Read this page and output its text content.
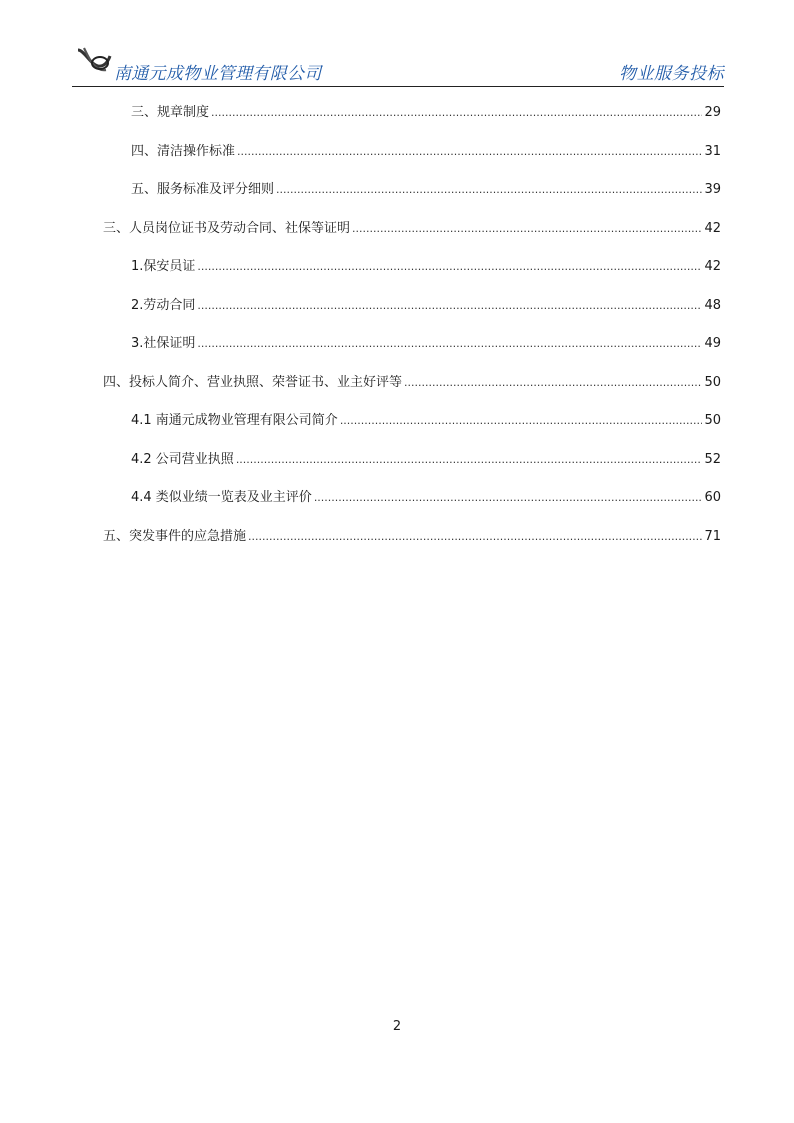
南通元成物业管理有限公司	物业服务投标
三、规章制度 .....	29
四、清洁操作标准 .....	31
五、服务标准及评分细则 .....	39
三、人员岗位证书及劳动合同、社保等证明 .....	42
1.保安员证 .....	42
2.劳动合同 .....	48
3.社保证明 .....	49
四、投标人简介、营业执照、荣誉证书、业主好评等 .....	50
4.1 南通元成物业管理有限公司简介 .....	50
4.2 公司营业执照 .....	52
4.4 类似业绩一览表及业主评价 .....	60
五、突发事件的应急措施 .....	71
2
